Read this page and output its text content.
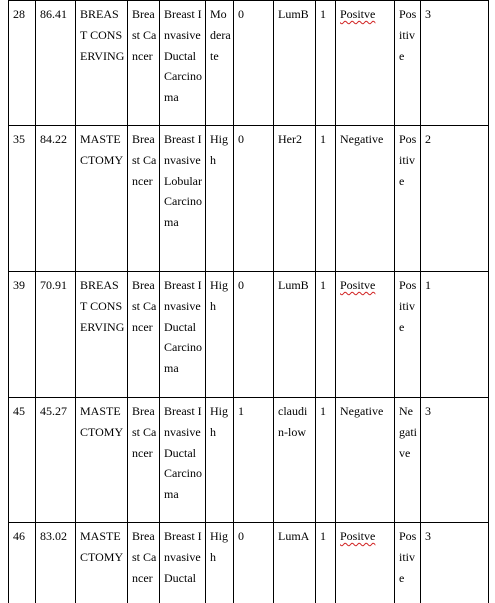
28	86.41	BREAST CONSERVING	Breast Cancer	Breast Invasive Ductal Carcinoma	Moderate	0	LumB	1	Positve	Positive	3
35	84.22	MASTECTOMY	Breast Cancer	Breast Invasive Lobular Carcinoma	High	0	Her2	1	Negative	Positive	2
39	70.91	BREAST CONSERVING	Breast Cancer	Breast Invasive Ductal Carcinoma	High	0	LumB	1	Positve	Positive	1
45	45.27	MASTECTOMY	Breast Cancer	Breast Invasive Ductal Carcinoma	High	1	claudin-low	1	Negative	Negative	3
46	83.02	MASTECTOMY	Breast Cancer	Breast Invasive Ductal	High	0	LumA	1	Positve	Positive	3
